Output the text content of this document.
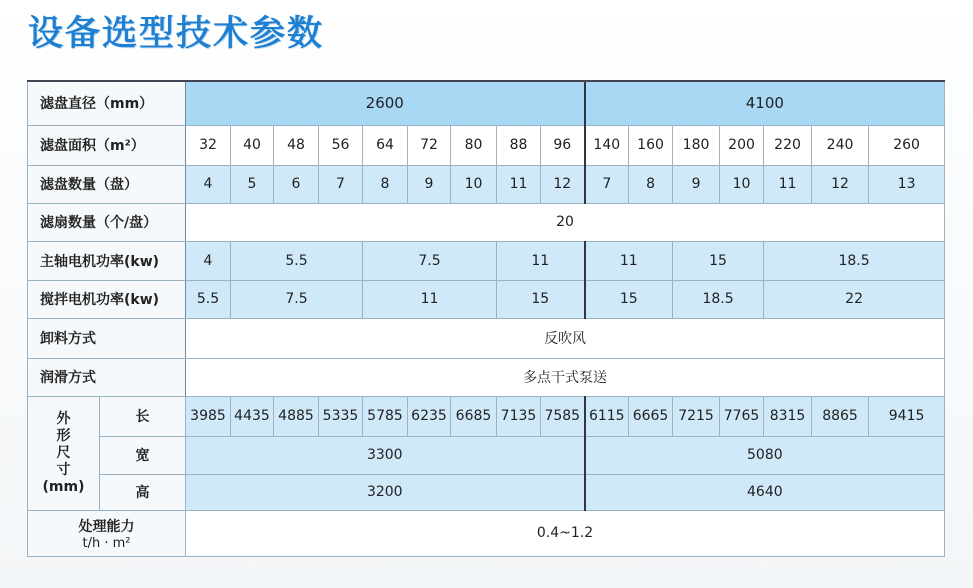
设备选型技术参数
滤盘直径（mm）		2600									4100						
滤盘面积（m²）		32	40	48	56	64	72	80	88	96	140	160	180	200	220	240	260
滤盘数量（盘）		4	5	6	7	8	9	10	11	12	7	8	9	10	11	12	13
滤扇数量（个/盘）		20															
主轴电机功率(kw)		4	5.5			7.5			11		11		15		18.5		
搅拌电机功率(kw)		5.5	7.5			11			15		15		18.5		22		
卸料方式		反吹风															
润滑方式		多点干式泵送															
外
形
尺
寸
(mm)	长	3985	4435	4885	5335	5785	6235	6685	7135	7585	6115	6665	7215	7765	8315	8865	9415
	宽	3300									5080						
	高	3200									4640						

处理能力
t/h · m²		0.4~1.2															
